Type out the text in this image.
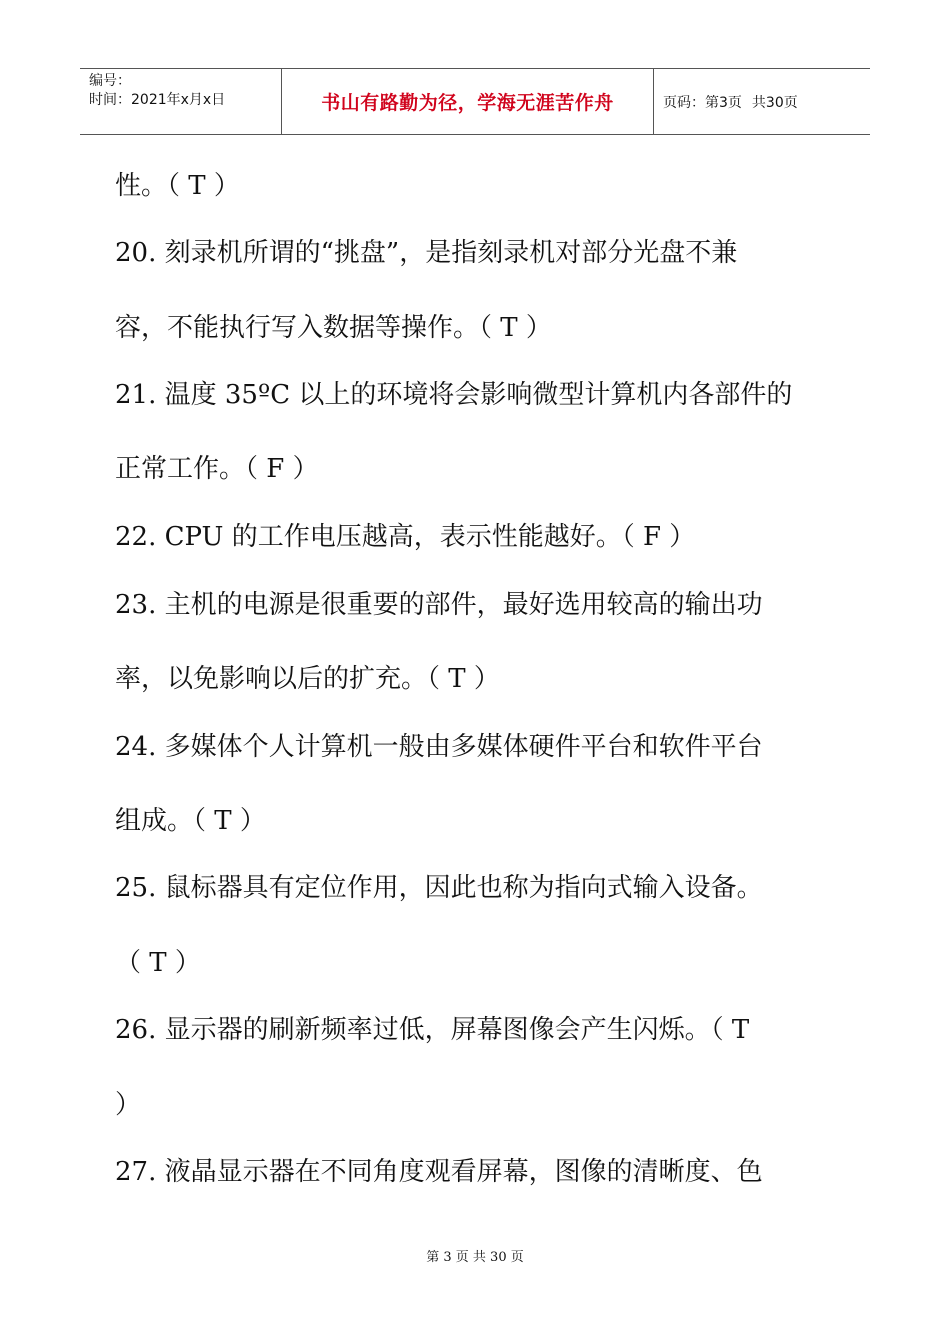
编号：
时间：2021年x月x日	书山有路勤为径，学海无涯苦作舟	页码：第3页 共30页
性。（ T ）
20. 刻录机所谓的“挑盘”，是指刻录机对部分光盘不兼
容，不能执行写入数据等操作。（ T ）
21. 温度 35ºC 以上的环境将会影响微型计算机内各部件的
正常工作。（ F ）
22. CPU 的工作电压越高，表示性能越好。（ F ）
23. 主机的电源是很重要的部件，最好选用较高的输出功
率，以免影响以后的扩充。（ T ）
24. 多媒体个人计算机一般由多媒体硬件平台和软件平台
组成。（ T ）
25. 鼠标器具有定位作用，因此也称为指向式输入设备。
（ T ）
26. 显示器的刷新频率过低，屏幕图像会产生闪烁。（ T
）
27. 液晶显示器在不同角度观看屏幕，图像的清晰度、色
第 3 页 共 30 页
